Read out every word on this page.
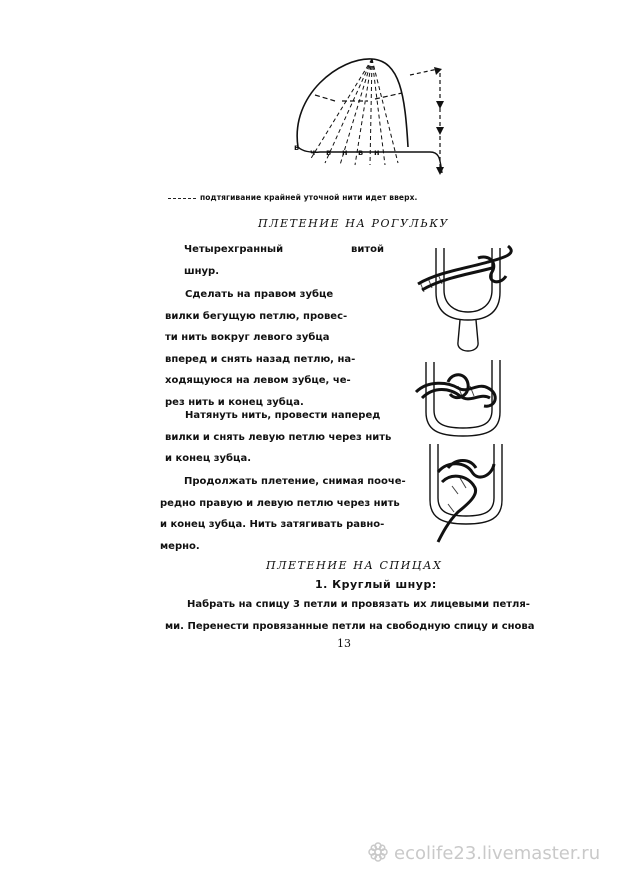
в
ч в н в н
подтягивание крайней уточной нити идет вверх.
ПЛЕТЕНИЕ НА РОГУЛЬКУ
Четырехгранный	витой
шнур.
Сделать на правом зубце
вилки бегущую петлю, провес-
ти нить вокруг левого зубца
вперед и снять назад петлю, на-
ходящуюся на левом зубце, че-
рез нить и конец зубца.
Натянуть нить, провести наперед
вилки и снять левую петлю через нить
и конец зубца.
Продолжать плетение, снимая поoче-
редно правую и левую петлю через нить
и конец зубца. Нить затягивать равно-
мерно.
ПЛЕТЕНИЕ НА СПИЦАХ
1. Круглый шнур:
Набрать на спицу 3 петли и провязать их лицевыми петля-
ми. Перенести провязанные петли на свободную спицу и снова
13
ecolife23.livemaster.ru
